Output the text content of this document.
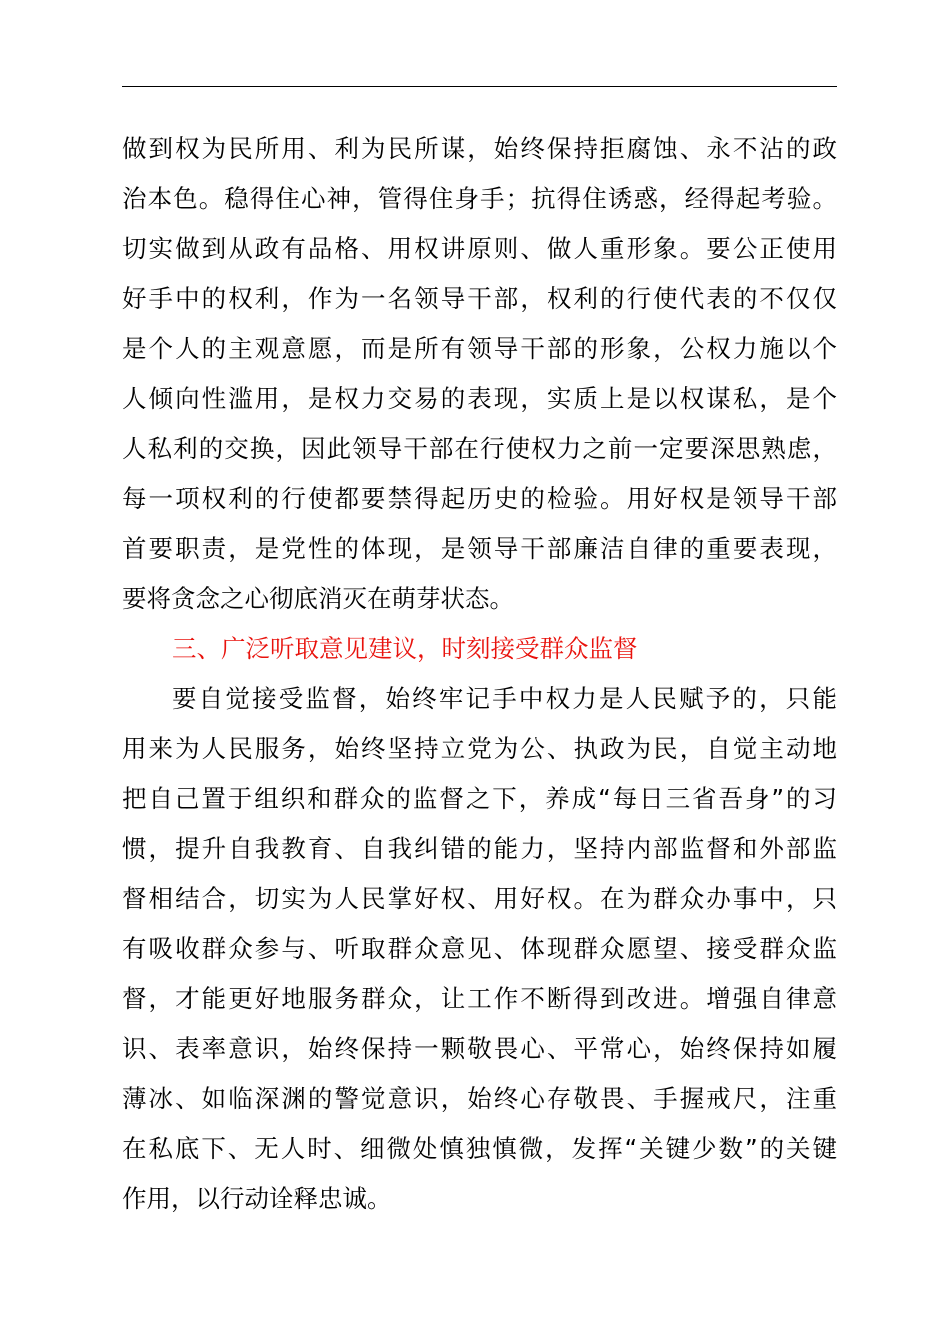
做到权为民所用、利为民所谋，始终保持拒腐蚀、永不沾的政
治本色。稳得住心神，管得住身手；抗得住诱惑，经得起考验。
切实做到从政有品格、用权讲原则、做人重形象。要公正使用
好手中的权利，作为一名领导干部，权利的行使代表的不仅仅
是个人的主观意愿，而是所有领导干部的形象，公权力施以个
人倾向性滥用，是权力交易的表现，实质上是以权谋私，是个
人私利的交换，因此领导干部在行使权力之前一定要深思熟虑，
每一项权利的行使都要禁得起历史的检验。用好权是领导干部
首要职责，是党性的体现，是领导干部廉洁自律的重要表现，
要将贪念之心彻底消灭在萌芽状态。
三、广泛听取意见建议，时刻接受群众监督
要自觉接受监督，始终牢记手中权力是人民赋予的，只能
用来为人民服务，始终坚持立党为公、执政为民，自觉主动地
把自己置于组织和群众的监督之下，养成“每日三省吾身”的习
惯，提升自我教育、自我纠错的能力，坚持内部监督和外部监
督相结合，切实为人民掌好权、用好权。在为群众办事中，只
有吸收群众参与、听取群众意见、体现群众愿望、接受群众监
督，才能更好地服务群众，让工作不断得到改进。增强自律意
识、表率意识，始终保持一颗敬畏心、平常心，始终保持如履
薄冰、如临深渊的警觉意识，始终心存敬畏、手握戒尺，注重
在私底下、无人时、细微处慎独慎微，发挥“关键少数”的关键
作用，以行动诠释忠诚。
